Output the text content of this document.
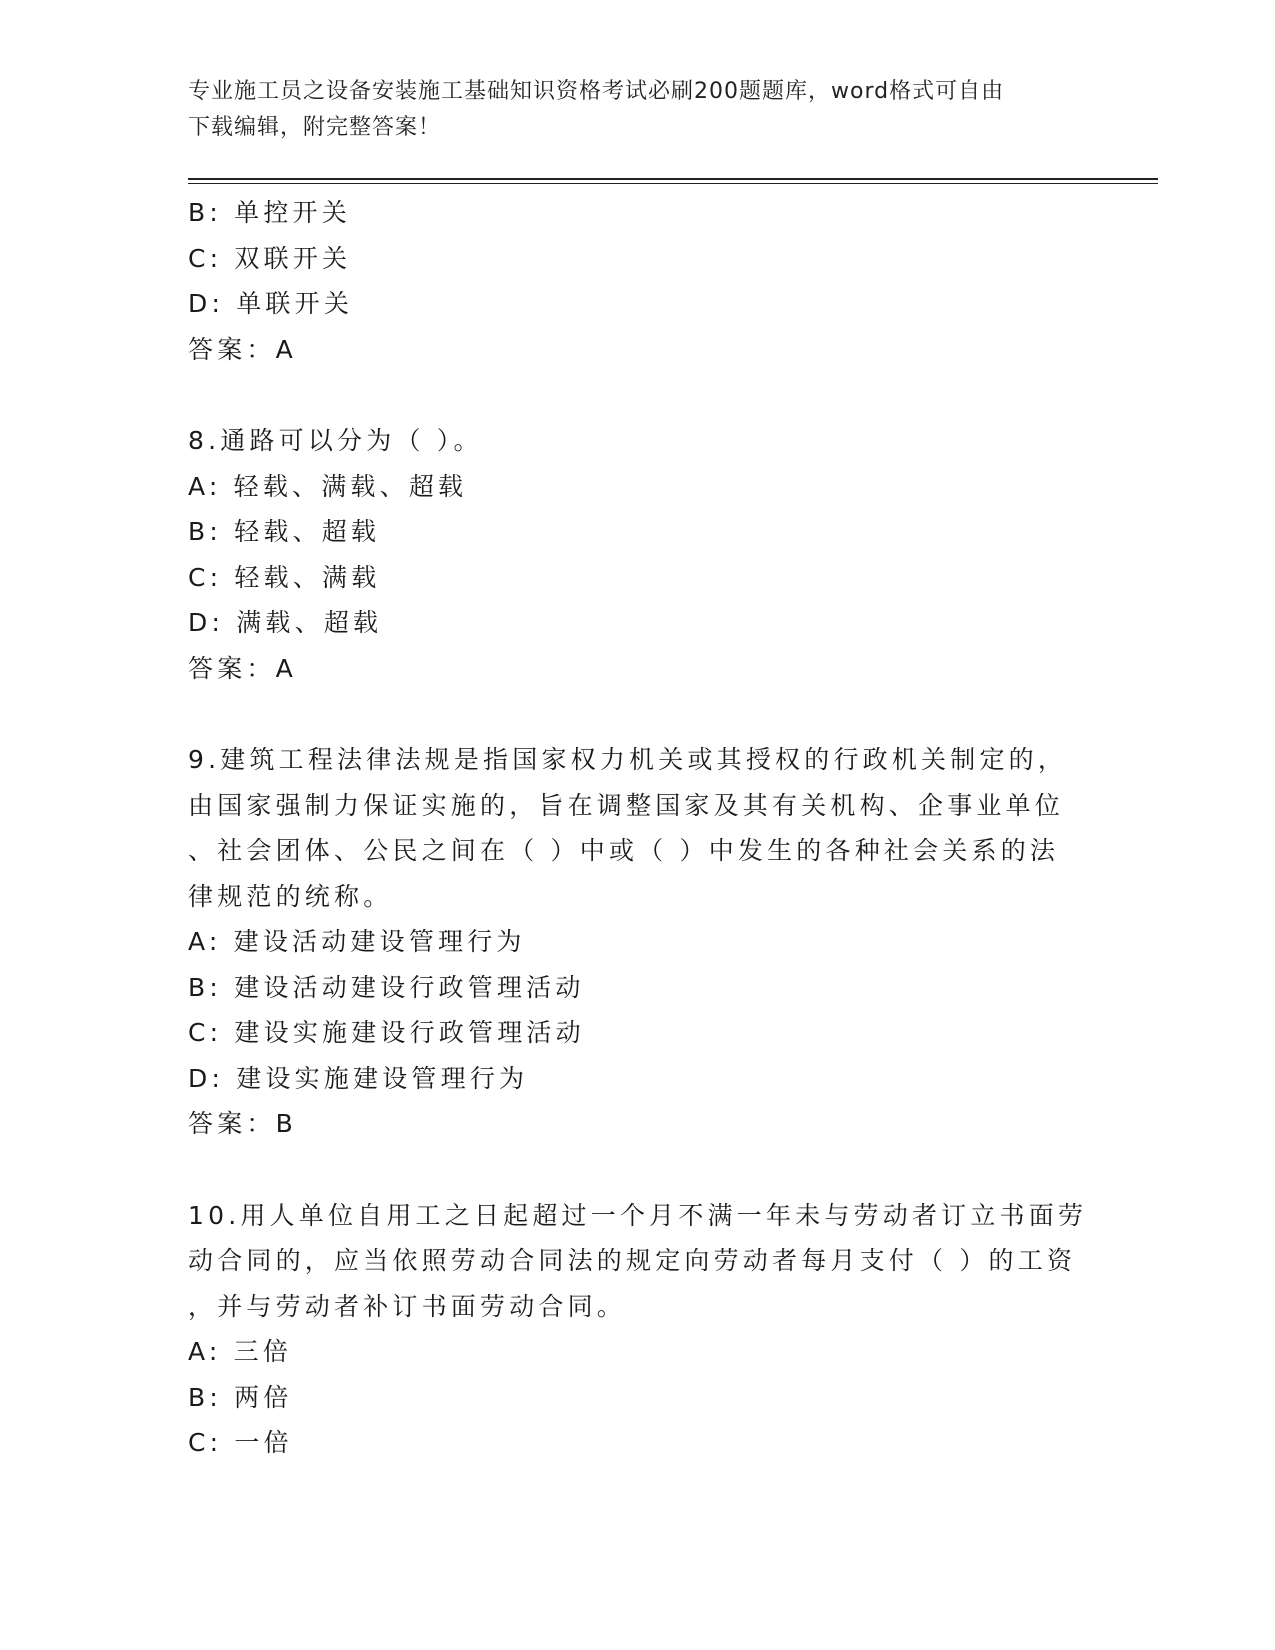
专业施工员之设备安装施工基础知识资格考试必刷200题题库，word格式可自由
下载编辑，附完整答案！
B: 单控开关
C: 双联开关
D: 单联开关
答案：A
8.通路可以分为（ ）。
A: 轻载、满载、超载
B: 轻载、超载
C: 轻载、满载
D: 满载、超载
答案：A
9.建筑工程法律法规是指国家权力机关或其授权的行政机关制定的，
由国家强制力保证实施的，旨在调整国家及其有关机构、企事业单位
、社会团体、公民之间在（ ）中或（ ）中发生的各种社会关系的法
律规范的统称。
A: 建设活动建设管理行为
B: 建设活动建设行政管理活动
C: 建设实施建设行政管理活动
D: 建设实施建设管理行为
答案：B
10.用人单位自用工之日起超过一个月不满一年未与劳动者订立书面劳
动合同的，应当依照劳动合同法的规定向劳动者每月支付（ ）的工资
，并与劳动者补订书面劳动合同。
A: 三倍
B: 两倍
C: 一倍
